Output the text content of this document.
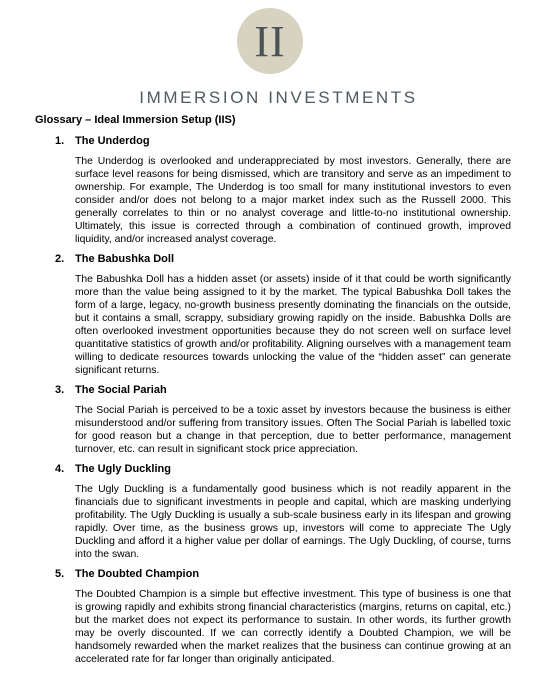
II
IMMERSION INVESTMENTS
Glossary – Ideal Immersion Setup (IIS)
1. The Underdog
The Underdog is overlooked and underappreciated by most investors. Generally, there are surface level reasons for being dismissed, which are transitory and serve as an impediment to ownership. For example, The Underdog is too small for many institutional investors to even consider and/or does not belong to a major market index such as the Russell 2000. This generally correlates to thin or no analyst coverage and little-to-no institutional ownership. Ultimately, this issue is corrected through a combination of continued growth, improved liquidity, and/or increased analyst coverage.
2. The Babushka Doll
The Babushka Doll has a hidden asset (or assets) inside of it that could be worth significantly more than the value being assigned to it by the market. The typical Babushka Doll takes the form of a large, legacy, no-growth business presently dominating the financials on the outside, but it contains a small, scrappy, subsidiary growing rapidly on the inside. Babushka Dolls are often overlooked investment opportunities because they do not screen well on surface level quantitative statistics of growth and/or profitability. Aligning ourselves with a management team willing to dedicate resources towards unlocking the value of the “hidden asset” can generate significant returns.
3. The Social Pariah
The Social Pariah is perceived to be a toxic asset by investors because the business is either misunderstood and/or suffering from transitory issues. Often The Social Pariah is labelled toxic for good reason but a change in that perception, due to better performance, management turnover, etc. can result in significant stock price appreciation.
4. The Ugly Duckling
The Ugly Duckling is a fundamentally good business which is not readily apparent in the financials due to significant investments in people and capital, which are masking underlying profitability. The Ugly Duckling is usually a sub-scale business early in its lifespan and growing rapidly. Over time, as the business grows up, investors will come to appreciate The Ugly Duckling and afford it a higher value per dollar of earnings. The Ugly Duckling, of course, turns into the swan.
5. The Doubted Champion
The Doubted Champion is a simple but effective investment. This type of business is one that is growing rapidly and exhibits strong financial characteristics (margins, returns on capital, etc.) but the market does not expect its performance to sustain. In other words, its further growth may be overly discounted. If we can correctly identify a Doubted Champion, we will be handsomely rewarded when the market realizes that the business can continue growing at an accelerated rate for far longer than originally anticipated.
